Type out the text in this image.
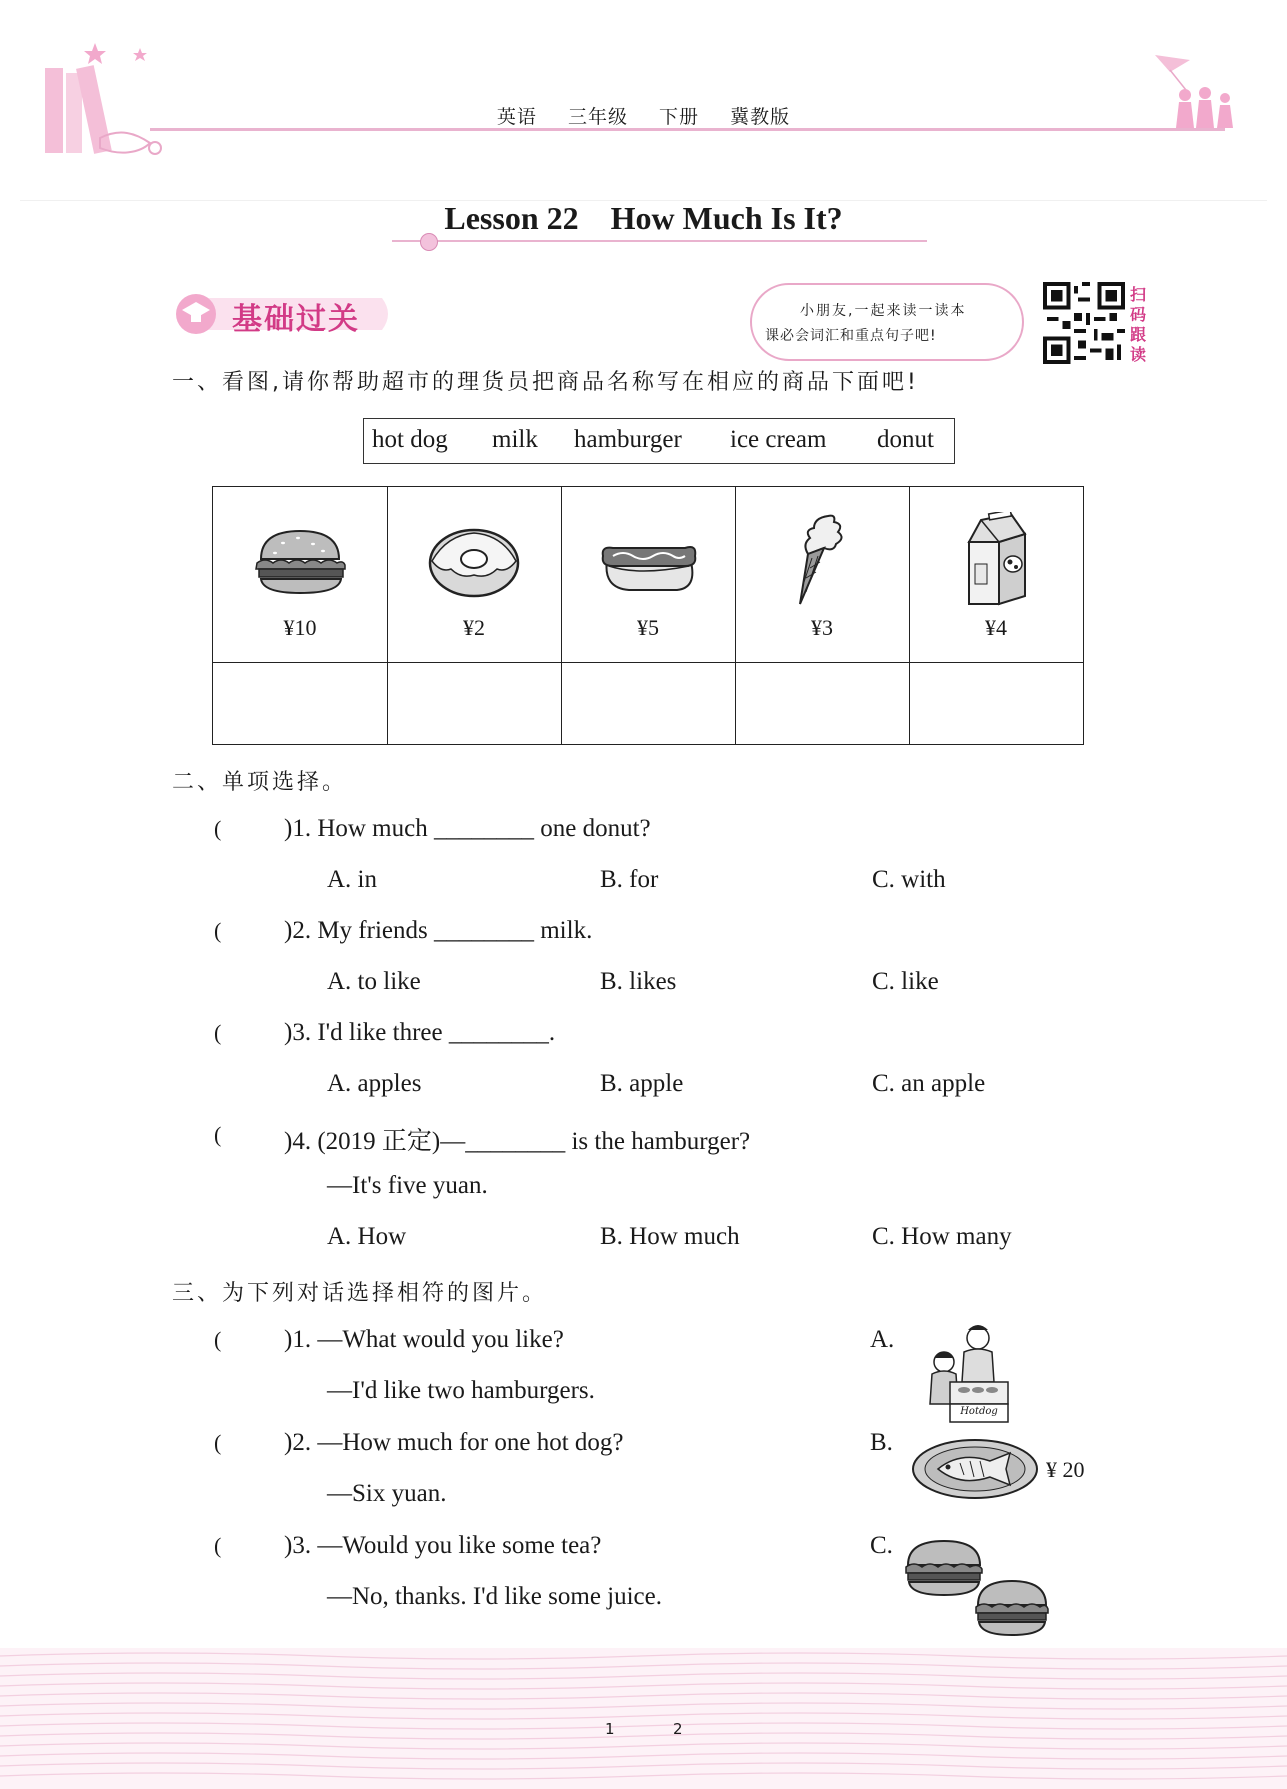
英语 三年级 下册 冀教版
Lesson 22    How Much Is It?
基础过关	小朋友,一起来读一读本
课必会词汇和重点句子吧!
扫
码
跟
读
一、看图,请你帮助超市的理货员把商品名称写在相应的商品下面吧!
hot dog milk hamburger ice cream donut
¥10	¥2	¥5	¥3	¥4
二、单项选择。
(	)1. How much ________ one donut?
A. in	B. for	C. with
(	)2. My friends ________ milk.
A. to like	B. likes	C. like
(	)3. I'd like three ________.
A. apples	B. apple	C. an apple
(	)4. (2019 正定)—________ is the hamburger?
—It's five yuan.
A. How	B. How much	C. How many
三、为下列对话选择相符的图片。
(	)1. —What would you like?
—I'd like two hamburgers.
(	)2. —How much for one hot dog?
—Six yuan.
(	)3. —Would you like some tea?
—No, thanks. I'd like some juice.
A.
Hotdog
B.
¥ 20
C.
1	2
